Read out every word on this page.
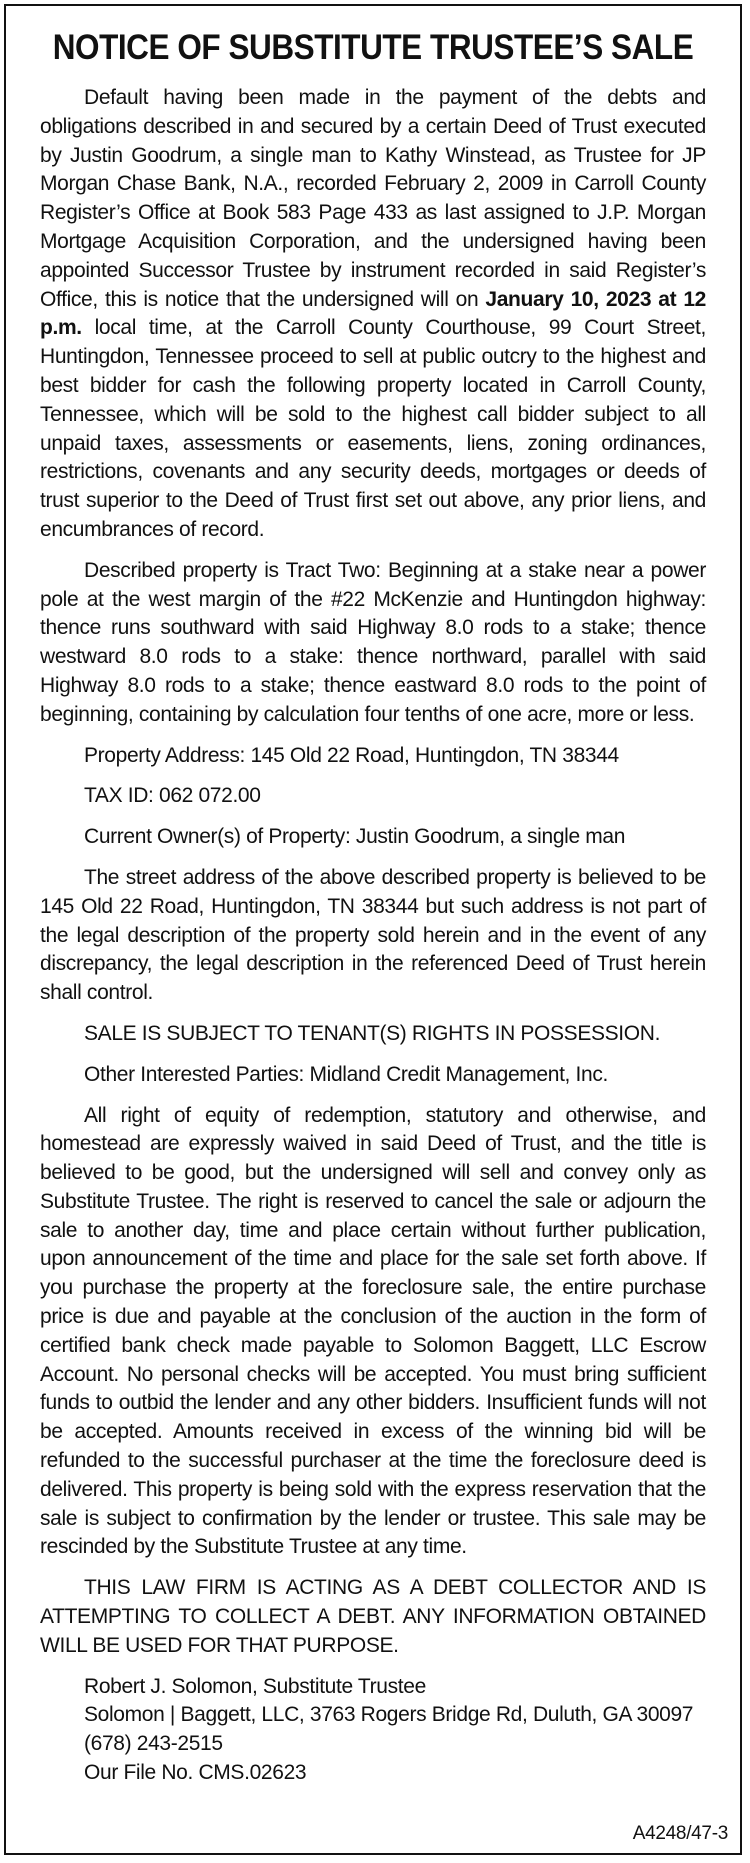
NOTICE OF SUBSTITUTE TRUSTEE’S SALE

Default having been made in the payment of the debts and obligations described in and secured by a certain Deed of Trust executed by Justin Goodrum, a single man to Kathy Winstead, as Trustee for JP Morgan Chase Bank, N.A., recorded February 2, 2009 in Carroll County Register’s Office at Book 583 Page 433 as last assigned to J.P. Morgan Mortgage Acquisition Corporation, and the undersigned having been appointed Successor Trustee by instrument recorded in said Register’s Office, this is notice that the undersigned will on January 10, 2023 at 12 p.m. local time, at the Carroll County Courthouse, 99 Court Street, Huntingdon, Tennessee proceed to sell at public outcry to the highest and best bidder for cash the following property located in Carroll County, Tennessee, which will be sold to the highest call bidder subject to all unpaid taxes, assessments or easements, liens, zoning ordinances, restrictions, covenants and any security deeds, mortgages or deeds of trust superior to the Deed of Trust first set out above, any prior liens, and encumbrances of record.

Described property is Tract Two: Beginning at a stake near a power pole at the west margin of the #22 McKenzie and Huntingdon highway: thence runs southward with said Highway 8.0 rods to a stake; thence westward 8.0 rods to a stake: thence northward, parallel with said Highway 8.0 rods to a stake; thence eastward 8.0 rods to the point of beginning, containing by calculation four tenths of one acre, more or less.

Property Address: 145 Old 22 Road, Huntingdon, TN 38344

TAX ID: 062 072.00

Current Owner(s) of Property: Justin Goodrum, a single man

The street address of the above described property is believed to be 145 Old 22 Road, Huntingdon, TN 38344 but such address is not part of the legal description of the property sold herein and in the event of any discrepancy, the legal description in the referenced Deed of Trust herein shall control.

SALE IS SUBJECT TO TENANT(S) RIGHTS IN POSSESSION.

Other Interested Parties: Midland Credit Management, Inc.

All right of equity of redemption, statutory and otherwise, and homestead are expressly waived in said Deed of Trust, and the title is believed to be good, but the undersigned will sell and convey only as Substitute Trustee. The right is reserved to cancel the sale or adjourn the sale to another day, time and place certain without further publication, upon announcement of the time and place for the sale set forth above. If you purchase the property at the foreclosure sale, the entire purchase price is due and payable at the conclusion of the auction in the form of certified bank check made payable to Solomon Baggett, LLC Escrow Account. No personal checks will be accepted. You must bring sufficient funds to outbid the lender and any other bidders. Insufficient funds will not be accepted. Amounts received in excess of the winning bid will be refunded to the successful purchaser at the time the foreclosure deed is delivered. This property is being sold with the express reservation that the sale is subject to confirmation by the lender or trustee. This sale may be rescinded by the Substitute Trustee at any time.

THIS LAW FIRM IS ACTING AS A DEBT COLLECTOR AND IS ATTEMPTING TO COLLECT A DEBT. ANY INFORMATION OBTAINED WILL BE USED FOR THAT PURPOSE.

Robert J. Solomon, Substitute Trustee
Solomon | Baggett, LLC, 3763 Rogers Bridge Rd, Duluth, GA 30097
(678) 243-2515
Our File No. CMS.02623
A4248/47-3
